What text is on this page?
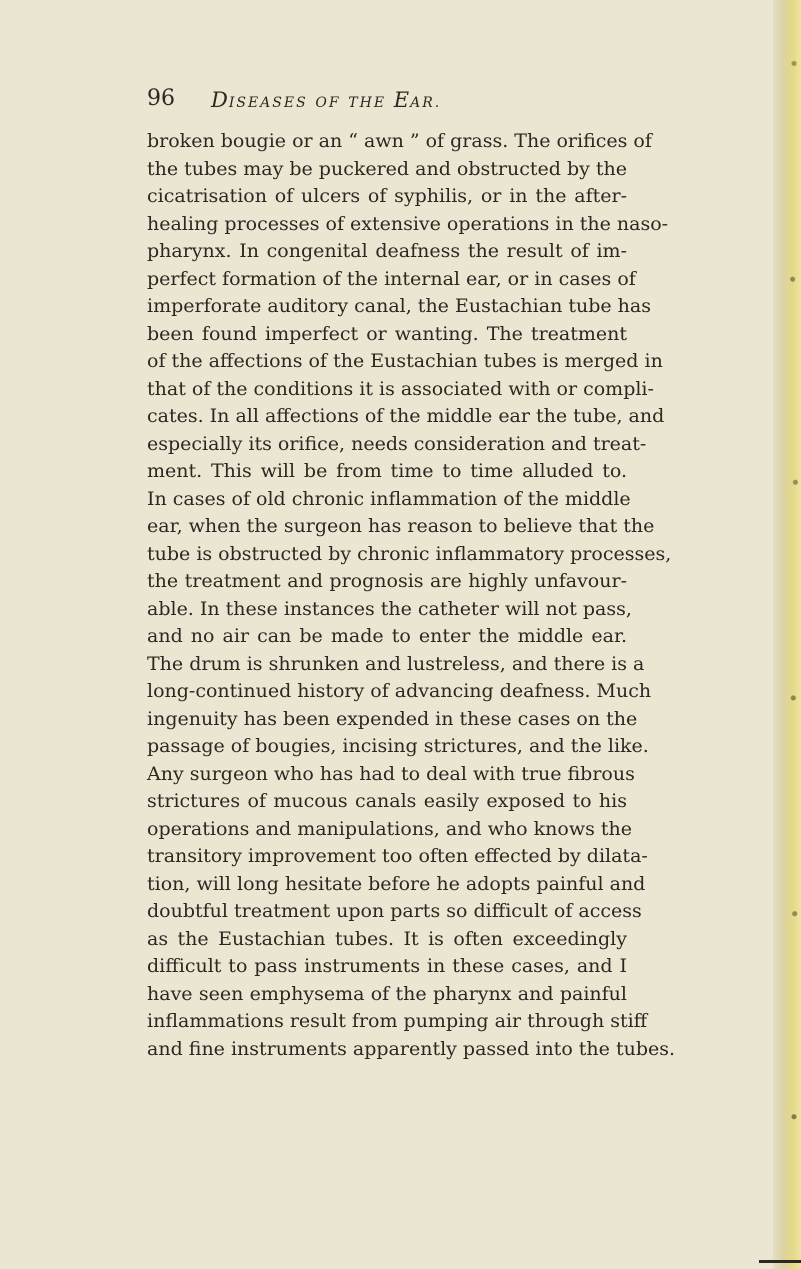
96 DISEASES OF THE EAR.
broken bougie or an “ awn ” of grass. The orifices of
the tubes may be puckered and obstructed by the
cicatrisation of ulcers of syphilis, or in the after-
healing processes of extensive operations in the naso-
pharynx. In congenital deafness the result of im-
perfect formation of the internal ear, or in cases of
imperforate auditory canal, the Eustachian tube has
been found imperfect or wanting. The treatment
of the affections of the Eustachian tubes is merged in
that of the conditions it is associated with or compli-
cates. In all affections of the middle ear the tube, and
especially its orifice, needs consideration and treat-
ment. This will be from time to time alluded to.
In cases of old chronic inflammation of the middle
ear, when the surgeon has reason to believe that the
tube is obstructed by chronic inflammatory processes,
the treatment and prognosis are highly unfavour-
able. In these instances the catheter will not pass,
and no air can be made to enter the middle ear.
The drum is shrunken and lustreless, and there is a
long-continued history of advancing deafness. Much
ingenuity has been expended in these cases on the
passage of bougies, incising strictures, and the like.
Any surgeon who has had to deal with true fibrous
strictures of mucous canals easily exposed to his
operations and manipulations, and who knows the
transitory improvement too often effected by dilata-
tion, will long hesitate before he adopts painful and
doubtful treatment upon parts so difficult of access
as the Eustachian tubes. It is often exceedingly
difficult to pass instruments in these cases, and I
have seen emphysema of the pharynx and painful
inflammations result from pumping air through stiff
and fine instruments apparently passed into the tubes.
